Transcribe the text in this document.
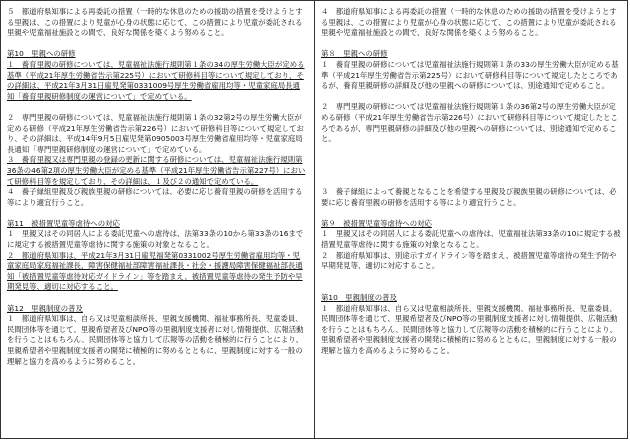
５　都道府県知事による再委託の措置（一時的な休息のための援助の措置を受けようとする里親は、この措置により児童が心身の状態に応じて、この措置により児童が委託される里親や児童福祉施設との間で、良好な関係を築くよう努めること。

第10　里親への研修

１　養育里親の研修については、児童福祉法施行規則第１条の34の厚生労働大臣が定める基準（平成21年厚生労働省告示第225号）において研修科目等について規定しており、その詳細は、平成21年3月31日雇児発第0331009号厚生労働省雇用均等・児童家庭局長通知「養育里親研修制度の運営について」で定めている。

２　専門里親の研修については、児童福祉法施行規則第１条の32第2号の厚生労働大臣が定める研修（平成21年厚生労働省告示第226号）において研修科目等について規定しており、その詳細は、平成14年9月5日雇児発第0905003号厚生労働省雇用均等・児童家庭局長通知「専門里親研修制度の運営について」で定めている。

３　養育里親又は専門里親の登録の更新に関する研修については、児童福祉法施行規則第36条の46第2項の厚生労働大臣が定める基準（平成21年厚生労働省告示第227号）において研修科目等を規定しており、その詳細は、１及び２の通知で定めている。

４　養子縁組里親及び親族里親の研修については、必要に応じ養育里親の研修を活用する等により適宜行うこと。

第11　被措置児童等虐待への対応

１　里親又はその同居人による委託児童への虐待は、法第33条の10から第33条の16までに規定する被措置児童等虐待に関する施策の対象となること。

２　都道府県知事は、平成21年3月31日雇児福発第0331002号厚生労働省雇用均等・児童家庭局家庭福祉課長、障害保健福祉部障害福祉課長・社会・援護局障害保健福祉部長通知「被措置児童等虐待対応ガイドライン」等を踏まえ、被措置児童等虐待の発生予防や早期発見等、適切に対応すること。

第12　里親制度の普及

１　都道府県知事は、自ら又は児童相談所長、里親支援機関、福祉事務所長、児童委員、民間団体等を通じて、里親希望者及びNPO等の里親制度支援者に対し情報提供、広報活動を行うことはもちろん、民間団体等と協力して広報等の活動を積極的に行うことにより、里親希望者や里親制度支援者の開発に積極的に努めるとともに、里親制度に対する一般の理解と協力を高めるように努めること。

４　都道府県知事による再委託の措置（一時的な休息のための援助の措置を受けようとする里親は、この措置により児童が心身の状態に応じて、この措置により児童が委託される里親や児童福祉施設との間で、良好な関係を築くよう努めること。

第８　里親への研修

１　養育里親の研修については児童福祉法施行規則第１条の33の厚生労働大臣が定める基準（平成21年厚生労働省告示第225号）において研修科目等について規定したところであるが、養育里親研修の詳細及び他の里親への研修については、別途通知で定めること。

２　専門里親の研修については児童福祉法施行規則第１条の36第2号の厚生労働大臣が定める研修（平成21年厚生労働省告示第226号）において研修科目等について規定したところであるが、専門里親研修の詳細及び他の里親への研修については、別途通知で定めること。

３　養子縁組によって養親となることを希望する里親及び親族里親の研修については、必要に応じ養育里親の研修を活用する等により適宜行うこと。

第９　被措置児童等虐待への対応

１　里親又はその同居人による委託児童への虐待は、児童福祉法第33条の10に規定する被措置児童等虐待に関する施策の対象となること。

２　都道府県知事は、別途示すガイドライン等を踏まえ、被措置児童等虐待の発生予防や早期発見等、適切に対応すること。

第10　里親制度の普及

１　都道府県知事は、自ら又は児童相談所長、里親支援機関、福祉事務所長、児童委員、民間団体等を通じて、里親希望者及びNPO等の里親制度支援者に対し情報提供、広報活動を行うことはもちろん、民間団体等と協力して広報等の活動を積極的に行うことにより、里親希望者や里親制度支援者の開発に積極的に努めるとともに、里親制度に対する一般の理解と協力を高めるように努めること。
